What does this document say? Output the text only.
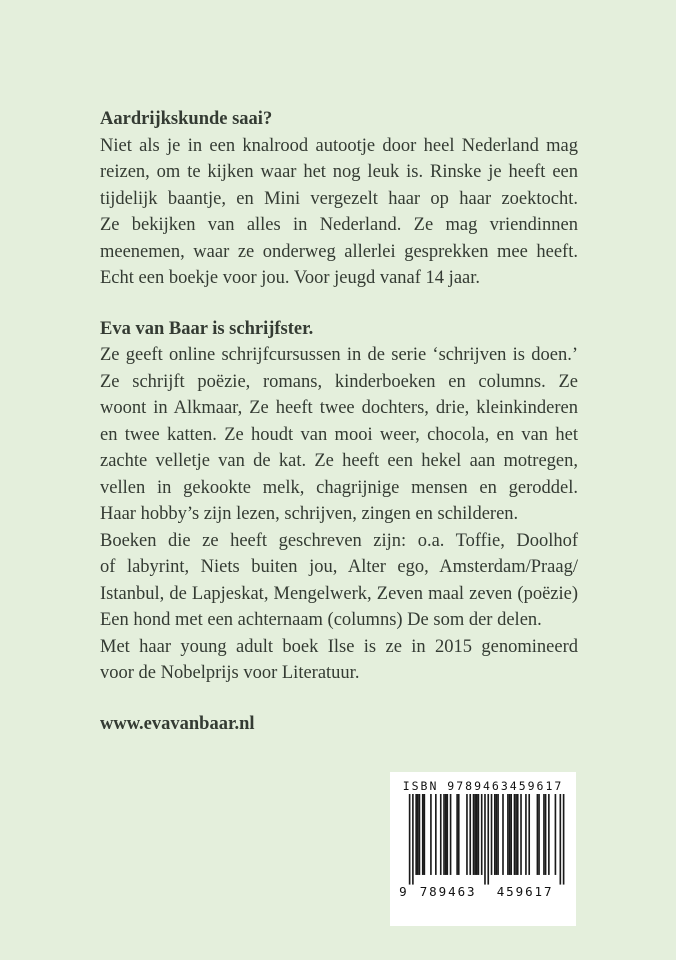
Aardrijkskunde saai?
Niet als je in een knalrood autootje door heel Nederland mag
reizen, om te kijken waar het nog leuk is. Rinske je heeft een
tijdelijk baantje, en Mini vergezelt haar op haar zoektocht.
Ze bekijken van alles in Nederland. Ze mag vriendinnen
meenemen, waar ze onderweg allerlei gesprekken mee heeft.
Echt een boekje voor jou. Voor jeugd vanaf 14 jaar.
Eva van Baar is schrijfster.
Ze geeft online schrijfcursussen in de serie ‘schrijven is doen.’
Ze schrijft poëzie, romans, kinderboeken en columns. Ze
woont in Alkmaar, Ze heeft twee dochters, drie, kleinkinderen
en twee katten. Ze houdt van mooi weer, chocola, en van het
zachte velletje van de kat. Ze heeft een hekel aan motregen,
vellen in gekookte melk, chagrijnige mensen en geroddel.
Haar hobby’s zijn lezen, schrijven, zingen en schilderen.
Boeken die ze heeft geschreven zijn: o.a. Toffie, Doolhof
of labyrint, Niets buiten jou, Alter ego, Amsterdam/Praag/
Istanbul, de Lapjeskat, Mengelwerk, Zeven maal zeven (poëzie)
Een hond met een achternaam (columns) De som der delen.
Met haar young adult boek Ilse is ze in 2015 genomineerd
voor de Nobelprijs voor Literatuur.
www.evavanbaar.nl
ISBN 9789463459617
9 789463 459617
